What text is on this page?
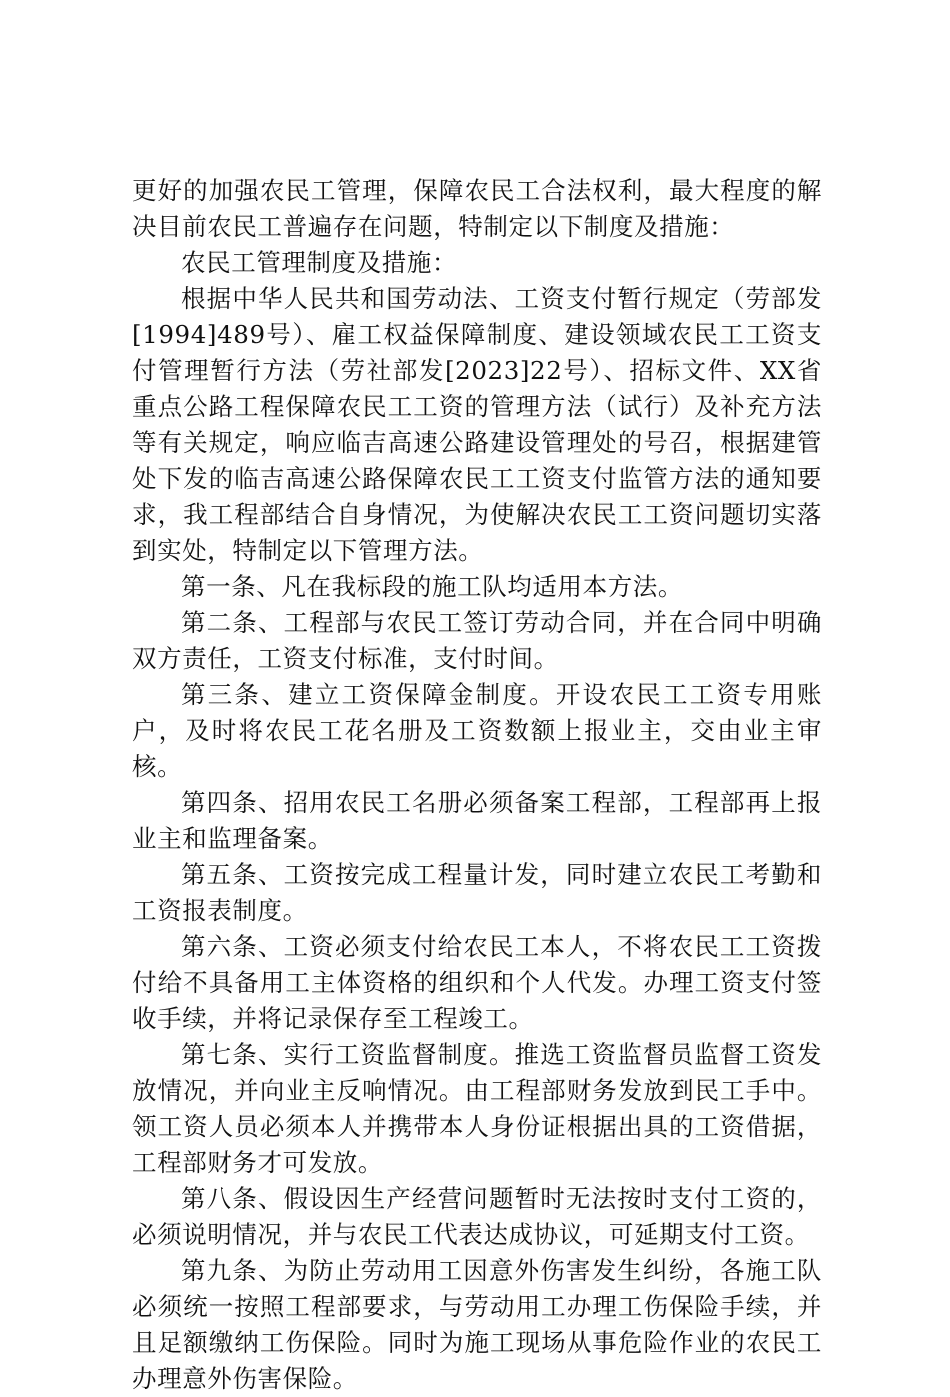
更好的加强农民工管理，保障农民工合法权利，最大程度的解决目前农民工普遍存在问题，特制定以下制度及措施：

农民工管理制度及措施：

根据中华人民共和国劳动法、工资支付暂行规定（劳部发[1994]489号）、雇工权益保障制度、建设领域农民工工资支付管理暂行方法（劳社部发[2023]22号）、招标文件、XX省重点公路工程保障农民工工资的管理方法（试行）及补充方法等有关规定，响应临吉高速公路建设管理处的号召，根据建管处下发的临吉高速公路保障农民工工资支付监管方法的通知要求，我工程部结合自身情况，为使解决农民工工资问题切实落到实处，特制定以下管理方法。

第一条、凡在我标段的施工队均适用本方法。

第二条、工程部与农民工签订劳动合同，并在合同中明确双方责任，工资支付标准，支付时间。

第三条、建立工资保障金制度。开设农民工工资专用账户，及时将农民工花名册及工资数额上报业主，交由业主审核。

第四条、招用农民工名册必须备案工程部，工程部再上报业主和监理备案。

第五条、工资按完成工程量计发，同时建立农民工考勤和工资报表制度。

第六条、工资必须支付给农民工本人，不将农民工工资拨付给不具备用工主体资格的组织和个人代发。办理工资支付签收手续，并将记录保存至工程竣工。

第七条、实行工资监督制度。推选工资监督员监督工资发放情况，并向业主反响情况。由工程部财务发放到民工手中。领工资人员必须本人并携带本人身份证根据出具的工资借据，工程部财务才可发放。

第八条、假设因生产经营问题暂时无法按时支付工资的，必须说明情况，并与农民工代表达成协议，可延期支付工资。

第九条、为防止劳动用工因意外伤害发生纠纷，各施工队必须统一按照工程部要求，与劳动用工办理工伤保险手续，并且足额缴纳工伤保险。同时为施工现场从事危险作业的农民工办理意外伤害保险。
